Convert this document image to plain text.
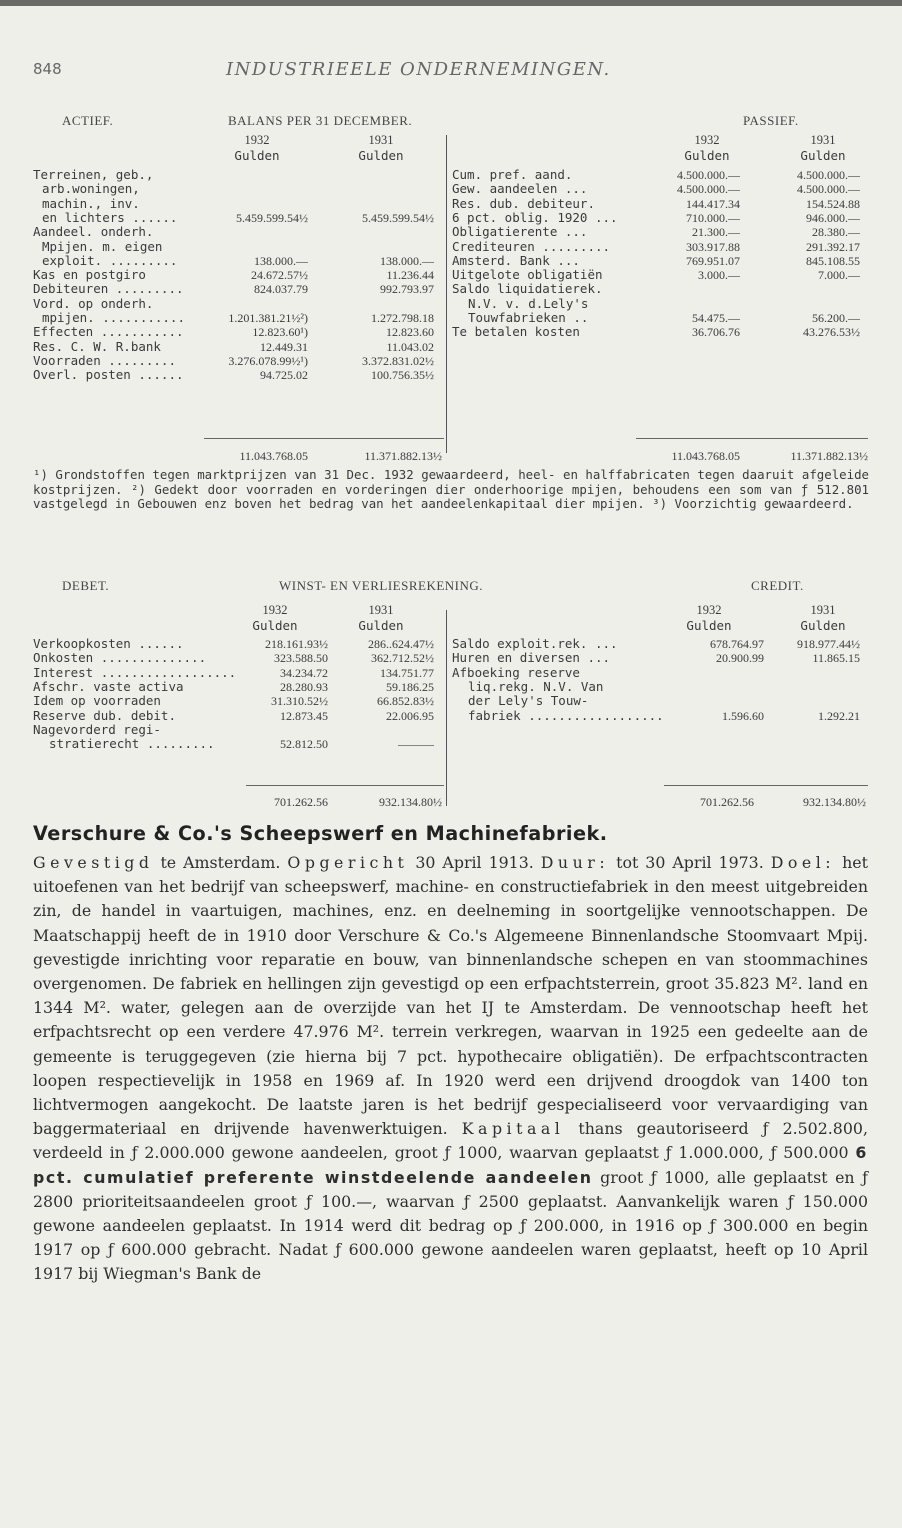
848	INDUSTRIEELE ONDERNEMINGEN.
ACTIEF.	BALANS PER 31 DECEMBER.	PASSIEF.
1932	1931
Gulden	Gulden
1932	1931
Gulden	Gulden
Terreinen, geb.,
arb.woningen,
machin., inv.
en lichters ......	5.459.599.54½	5.459.599.54½
Aandeel. onderh.
Mpijen. m. eigen
exploit. .........	138.000.—	138.000.—
Kas en postgiro	24.672.57½	11.236.44
Debiteuren .........	824.037.79	992.793.97
Vord. op onderh.
mpijen. ...........	1.201.381.21½²)	1.272.798.18
Effecten ...........	12.823.60¹)	12.823.60
Res. C. W. R.bank	12.449.31	11.043.02
Voorraden .........	3.276.078.99½¹)	3.372.831.02½
Overl. posten ......	94.725.02	100.756.35½
Cum. pref. aand.	4.500.000.—	4.500.000.—
Gew. aandeelen ...	4.500.000.—	4.500.000.—
Res. dub. debiteur.	144.417.34	154.524.88
6 pct. oblig. 1920 ...	710.000.—	946.000.—
Obligatierente ...	21.300.—	28.380.—
Crediteuren .........	303.917.88	291.392.17
Amsterd. Bank ...	769.951.07	845.108.55
Uitgelote obligatiën	3.000.—	7.000.—
Saldo liquidatierek.
N.V. v. d.Lely's
Touwfabrieken ..	54.475.—	56.200.—
Te betalen kosten	36.706.76	43.276.53½
11.043.768.05	11.371.882.13½	11.043.768.05	11.371.882.13½
DEBET.	WINST- EN VERLIESREKENING.	CREDIT.
1932	1931
Gulden	Gulden
1932	1931
Gulden	Gulden
Verkoopkosten ......	218.161.93½	286..624.47½
Onkosten ..............	323.588.50	362.712.52½
Interest ..................	34.234.72	134.751.77
Afschr. vaste activa	28.280.93	59.186.25
Idem op voorraden	31.310.52½	66.852.83½
Reserve dub. debit.	12.873.45	22.006.95
Nagevorderd regi-
stratierecht .........	52.812.50	———
Saldo exploit.rek. ...	678.764.97	918.977.44½
Huren en diversen ...	20.900.99	11.865.15
Afboeking reserve
liq.rekg. N.V. Van
der Lely's Touw-
fabriek ..................	1.596.60	1.292.21
701.262.56	932.134.80½	701.262.56	932.134.80½
¹) Grondstoffen tegen marktprijzen van 31 Dec. 1932 gewaardeerd, heel- en halffabricaten tegen daaruit afgeleide kostprijzen. ²) Gedekt door voorraden en vorderingen dier onderhoorige mpijen, behoudens een som van ƒ 512.801 vastgelegd in Gebouwen enz boven het bedrag van het aandeelenkapitaal dier mpijen. ³) Voorzichtig gewaardeerd.
Verschure & Co.'s Scheepswerf en Machinefabriek.
Gevestigd te Amsterdam. Opgericht 30 April 1913. Duur: tot 30 April 1973. Doel: het uitoefenen van het bedrijf van scheepswerf, machine- en constructiefabriek in den meest uitgebreiden zin, de handel in vaartuigen, machines, enz. en deelneming in soortgelijke vennootschappen. De Maatschappij heeft de in 1910 door Verschure & Co.'s Algemeene Binnenlandsche Stoomvaart Mpij. gevestigde inrichting voor reparatie en bouw, van binnenlandsche schepen en van stoommachines overgenomen. De fabriek en hellingen zijn gevestigd op een erfpachtsterrein, groot 35.823 M². land en 1344 M². water, gelegen aan de overzijde van het IJ te Amsterdam. De vennootschap heeft het erfpachtsrecht op een verdere 47.976 M². terrein verkregen, waarvan in 1925 een gedeelte aan de gemeente is teruggegeven (zie hierna bij 7 pct. hypothecaire obligatiën). De erfpachtscontracten loopen respectievelijk in 1958 en 1969 af. In 1920 werd een drijvend droogdok van 1400 ton lichtvermogen aangekocht. De laatste jaren is het bedrijf gespecialiseerd voor vervaardiging van baggermateriaal en drijvende havenwerktuigen. Kapitaal thans geautoriseerd ƒ 2.502.800, verdeeld in ƒ 2.000.000 gewone aandeelen, groot ƒ 1000, waarvan geplaatst ƒ 1.000.000, ƒ 500.000 6 pct. cumulatief preferente winstdeelende aandeelen groot ƒ 1000, alle geplaatst en ƒ 2800 prioriteitsaandeelen groot ƒ 100.—, waarvan ƒ 2500 geplaatst. Aanvankelijk waren ƒ 150.000 gewone aandeelen geplaatst. In 1914 werd dit bedrag op ƒ 200.000, in 1916 op ƒ 300.000 en begin 1917 op ƒ 600.000 gebracht. Nadat ƒ 600.000 gewone aandeelen waren geplaatst, heeft op 10 April 1917 bij Wiegman's Bank de
